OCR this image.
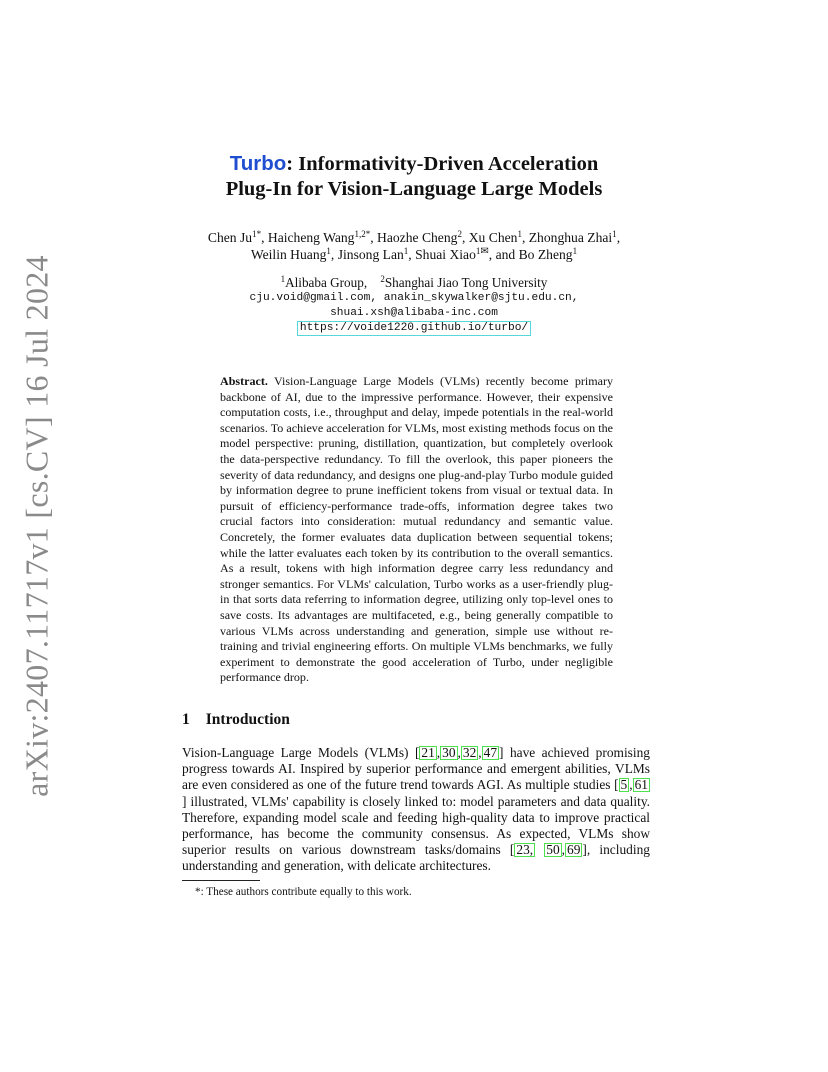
arXiv:2407.11717v1 [cs.CV] 16 Jul 2024
Turbo: Informativity-Driven Acceleration
Plug-In for Vision-Language Large Models
Chen $Ju^{1*}$, Haicheng Wang$^{1,2*}$, Haozhe Cheng$^2$, Xu Chen$^1$, Zhonghua Zhai$^1$,
Weilin Huang$^1$, Jinsong Lan$^1$, Shuai Xiao$^{1✉}$, and Bo Zheng$^1$
$^1$Alibaba Group, $^2$Shanghai Jiao Tong University
cju.void@gmail.com, anakin_skywalker@sjtu.edu.cn,
shuai.xsh@alibaba-inc.com
https://voide1220.github.io/turbo/
Abstract. Vision-Language Large Models (VLMs) recently become primary backbone of AI, due to the impressive performance. However, their expensive computation costs, i.e., throughput and delay, impede potentials in the real-world scenarios. To achieve acceleration for VLMs, most existing methods focus on the model perspective: pruning, distillation, quantization, but completely overlook the data-perspective redundancy. To fill the overlook, this paper pioneers the severity of data redundancy, and designs one plug-and-play Turbo module guided by information degree to prune inefficient tokens from visual or textual data. In pursuit of efficiency-performance trade-offs, information degree takes two crucial factors into consideration: mutual redundancy and semantic value. Concretely, the former evaluates data duplication between sequential tokens; while the latter evaluates each token by its contribution to the overall semantics. As a result, tokens with high information degree carry less redundancy and stronger semantics. For VLMs' calculation, Turbo works as a user-friendly plug-in that sorts data referring to information degree, utilizing only top-level ones to save costs. Its advantages are multifaceted, e.g., being generally compatible to various VLMs across understanding and generation, simple use without re-training and trivial engineering efforts. On multiple VLMs benchmarks, we fully experiment to demonstrate the good acceleration of Turbo, under negligible performance drop.
1 Introduction
Vision-Language Large Models (VLMs) [ 21 , 30 , 32 , 47 ] have achieved promising progress towards AI. Inspired by superior performance and emergent abilities, VLMs are even considered as one of the future trend towards AGI. As multiple studies [ 5 , 61] illustrated, VLMs' capability is closely linked to: model parameters and data quality. Therefore, expanding model scale and feeding high-quality data to improve practical performance, has become the community consensus. As expected, VLMs show superior results on various downstream tasks/domains [ 23, 50 , 69 ], including understanding and generation, with delicate architectures.
*: These authors contribute equally to this work.
